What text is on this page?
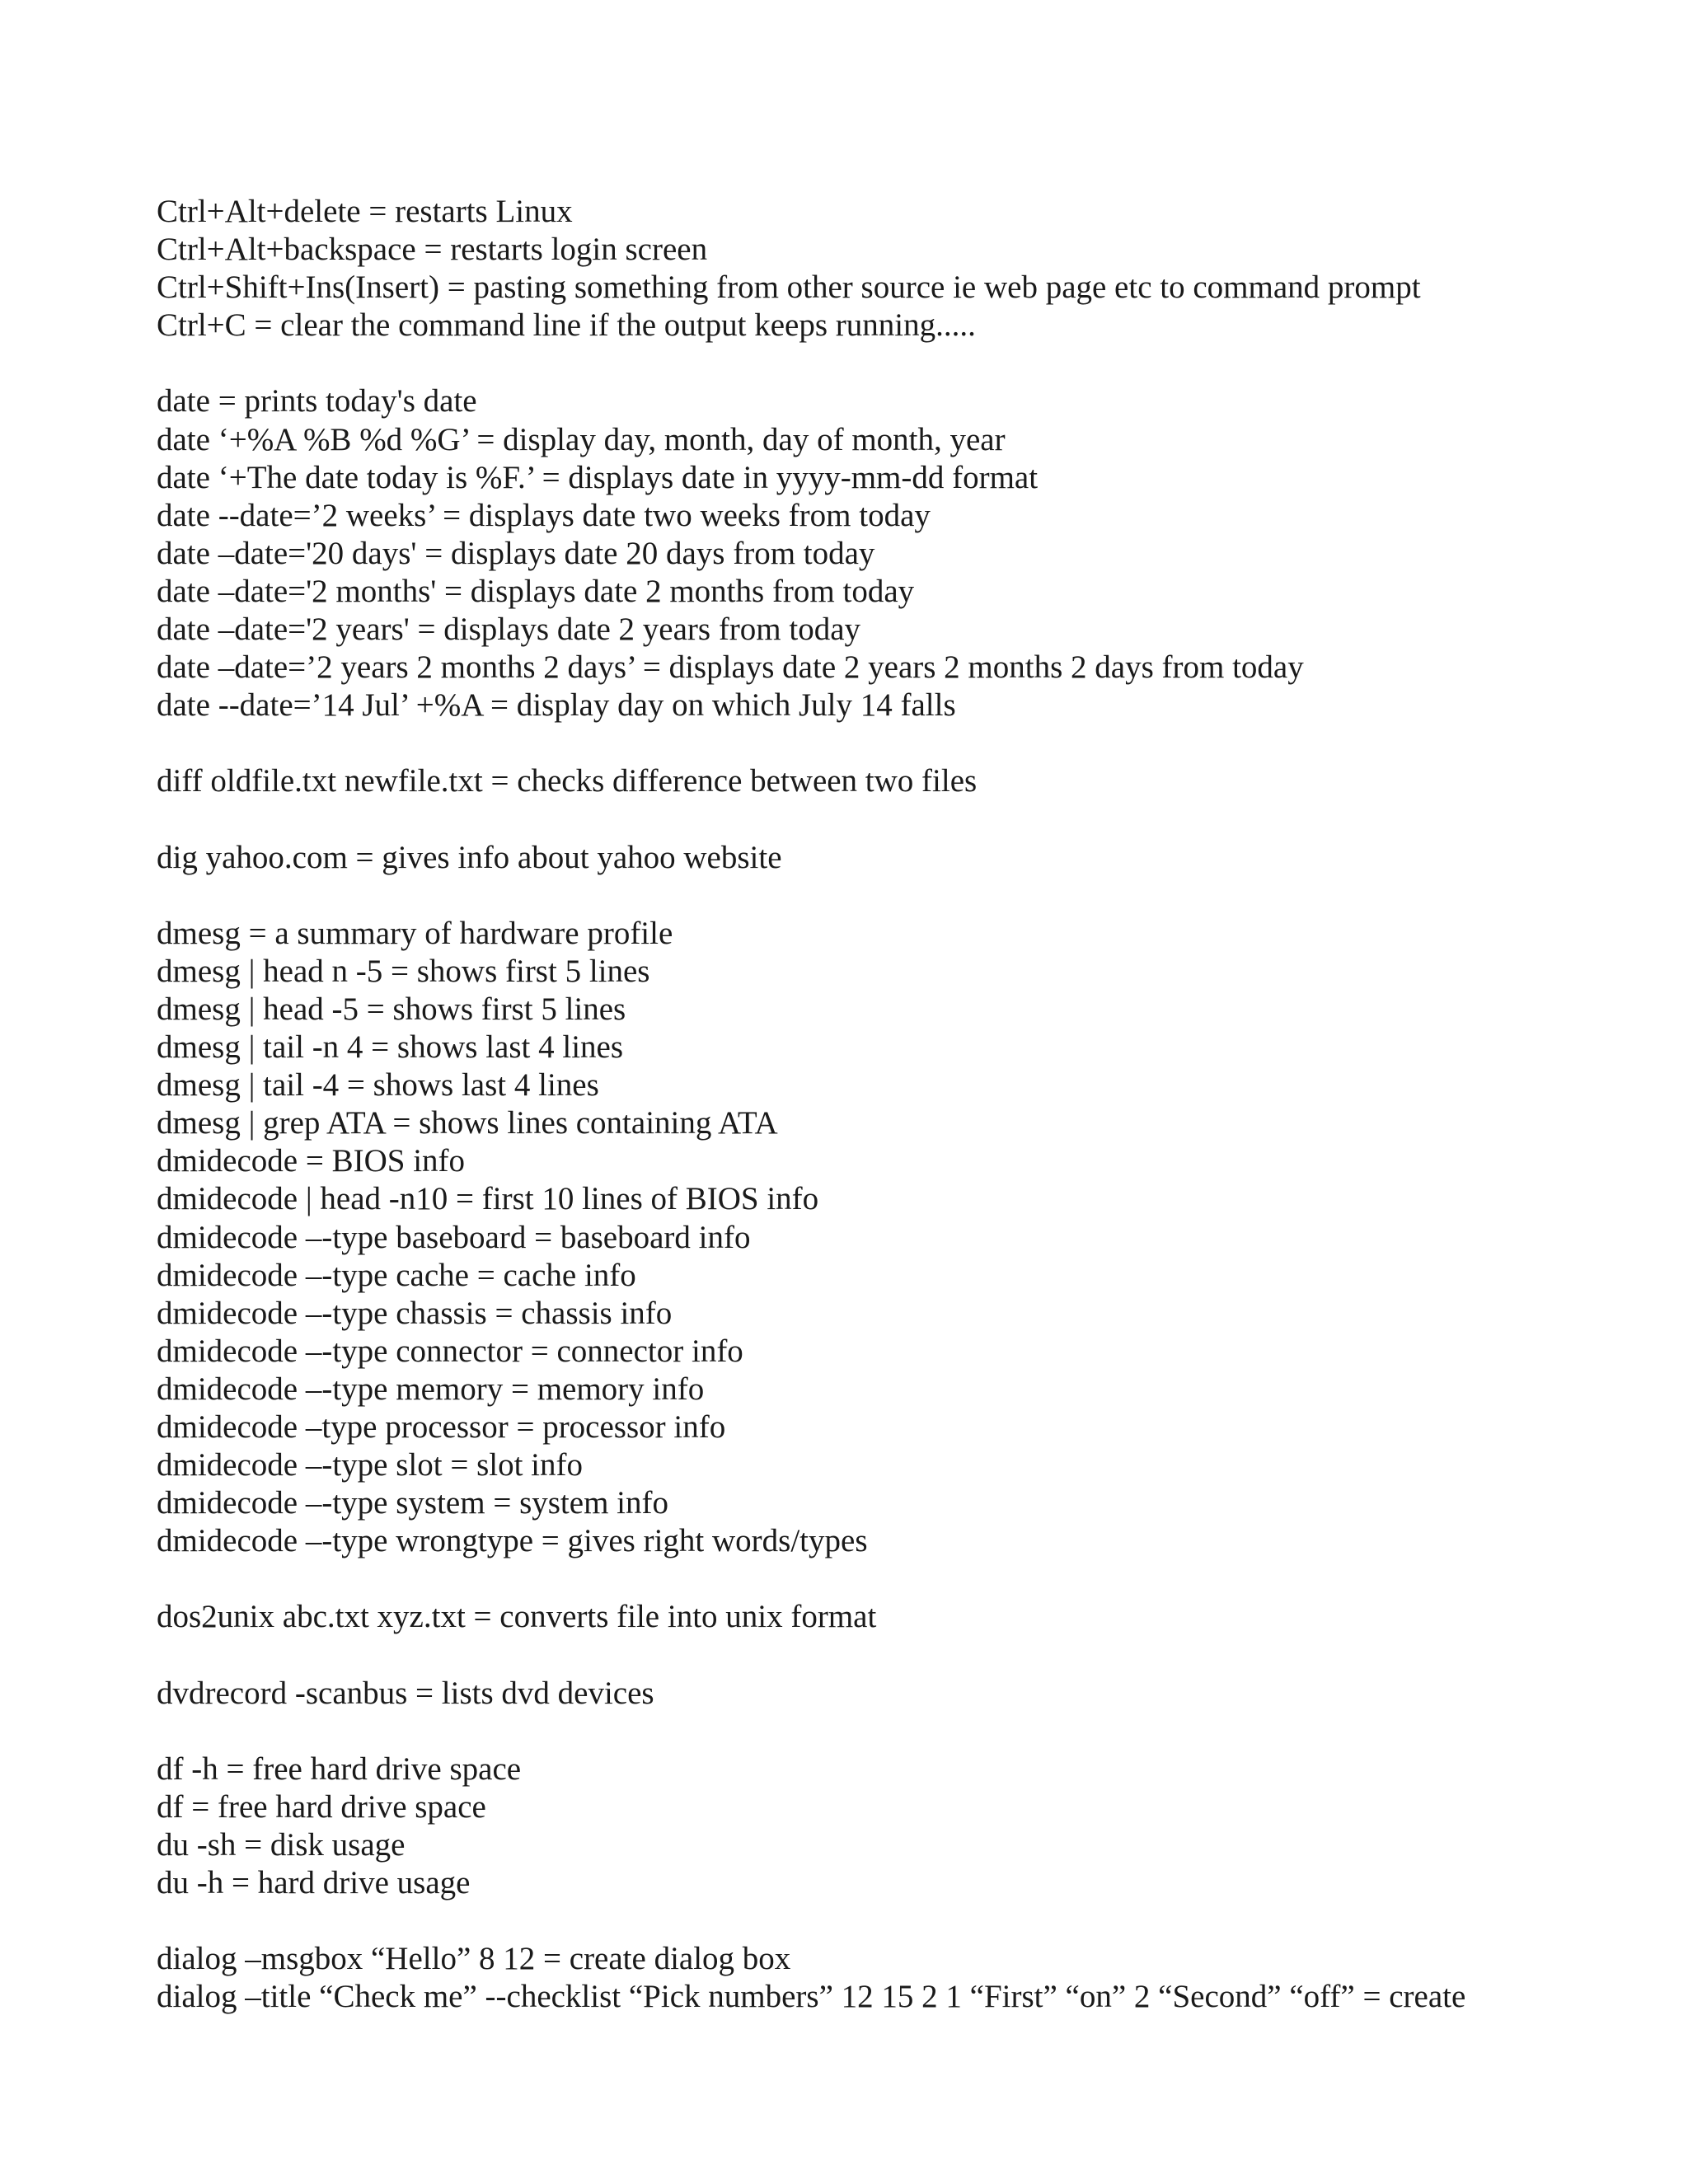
Ctrl+Alt+delete = restarts Linux
Ctrl+Alt+backspace = restarts login screen
Ctrl+Shift+Ins(Insert) = pasting something from other source ie web page etc to command prompt
Ctrl+C = clear the command line if the output keeps running.....
date = prints today's date
date ‘+%A %B %d %G’ = display day, month, day of month, year
date ‘+The date today is %F.’ = displays date in yyyy-mm-dd format
date --date=’2 weeks’ = displays date two weeks from today
date –date='20 days' = displays date 20 days from today
date –date='2 months' = displays date 2 months from today
date –date='2 years' = displays date 2 years from today
date –date=’2 years 2 months 2 days’ = displays date 2 years 2 months 2 days from today
date --date=’14 Jul’ +%A = display day on which July 14 falls
diff oldfile.txt newfile.txt = checks difference between two files
dig yahoo.com = gives info about yahoo website
dmesg = a summary of hardware profile
dmesg | head n -5 = shows first 5 lines
dmesg | head -5 = shows first 5 lines
dmesg | tail -n 4 = shows last 4 lines
dmesg | tail -4 = shows last 4 lines
dmesg | grep ATA = shows lines containing ATA
dmidecode = BIOS info
dmidecode | head -n10 = first 10 lines of BIOS info
dmidecode –-type baseboard = baseboard info
dmidecode –-type cache = cache info
dmidecode –-type chassis = chassis info
dmidecode –-type connector = connector info
dmidecode –-type memory = memory info
dmidecode –type processor = processor info
dmidecode –-type slot = slot info
dmidecode –-type system = system info
dmidecode –-type wrongtype = gives right words/types
dos2unix abc.txt xyz.txt = converts file into unix format
dvdrecord -scanbus = lists dvd devices
df -h = free hard drive space
df = free hard drive space
du -sh = disk usage
du -h = hard drive usage
dialog –msgbox “Hello” 8 12 = create dialog box
dialog –title “Check me” --checklist “Pick numbers” 12 15 2 1 “First” “on” 2 “Second” “off” = create
